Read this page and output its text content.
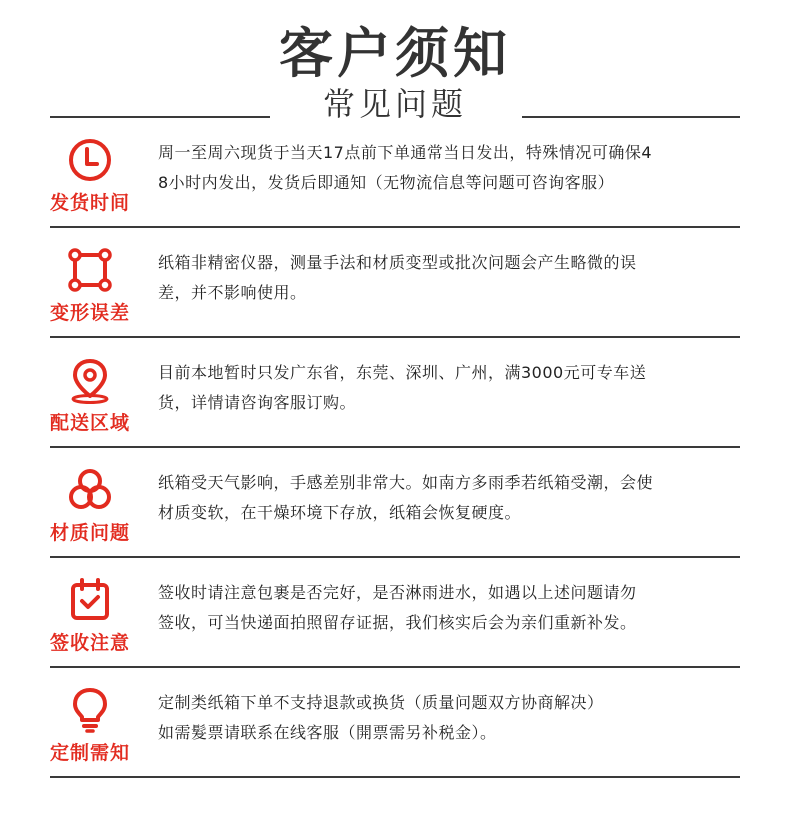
客户须知
常见问题
发货时间
周一至周六现货于当天17点前下单通常当日发出，特殊情况可确保4
8小时内发出，发货后即通知（无物流信息等问题可咨询客服）
变形误差
纸箱非精密仪器，测量手法和材质变型或批次问题会产生略微的误
差，并不影响使用。
配送区域
目前本地暂时只发广东省，东莞、深圳、广州，满3000元可专车送
货，详情请咨询客服订购。
材质问题
纸箱受天气影响，手感差别非常大。如南方多雨季若纸箱受潮，会使
材质变软，在干燥环境下存放，纸箱会恢复硬度。
签收注意
签收时请注意包裹是否完好，是否淋雨进水，如遇以上述问题请勿
签收，可当快递面拍照留存证据，我们核实后会为亲们重新补发。
定制需知
定制类纸箱下单不支持退款或换货（质量问题双方协商解决）
如需髮票请联系在线客服（開票需另补税金）。
